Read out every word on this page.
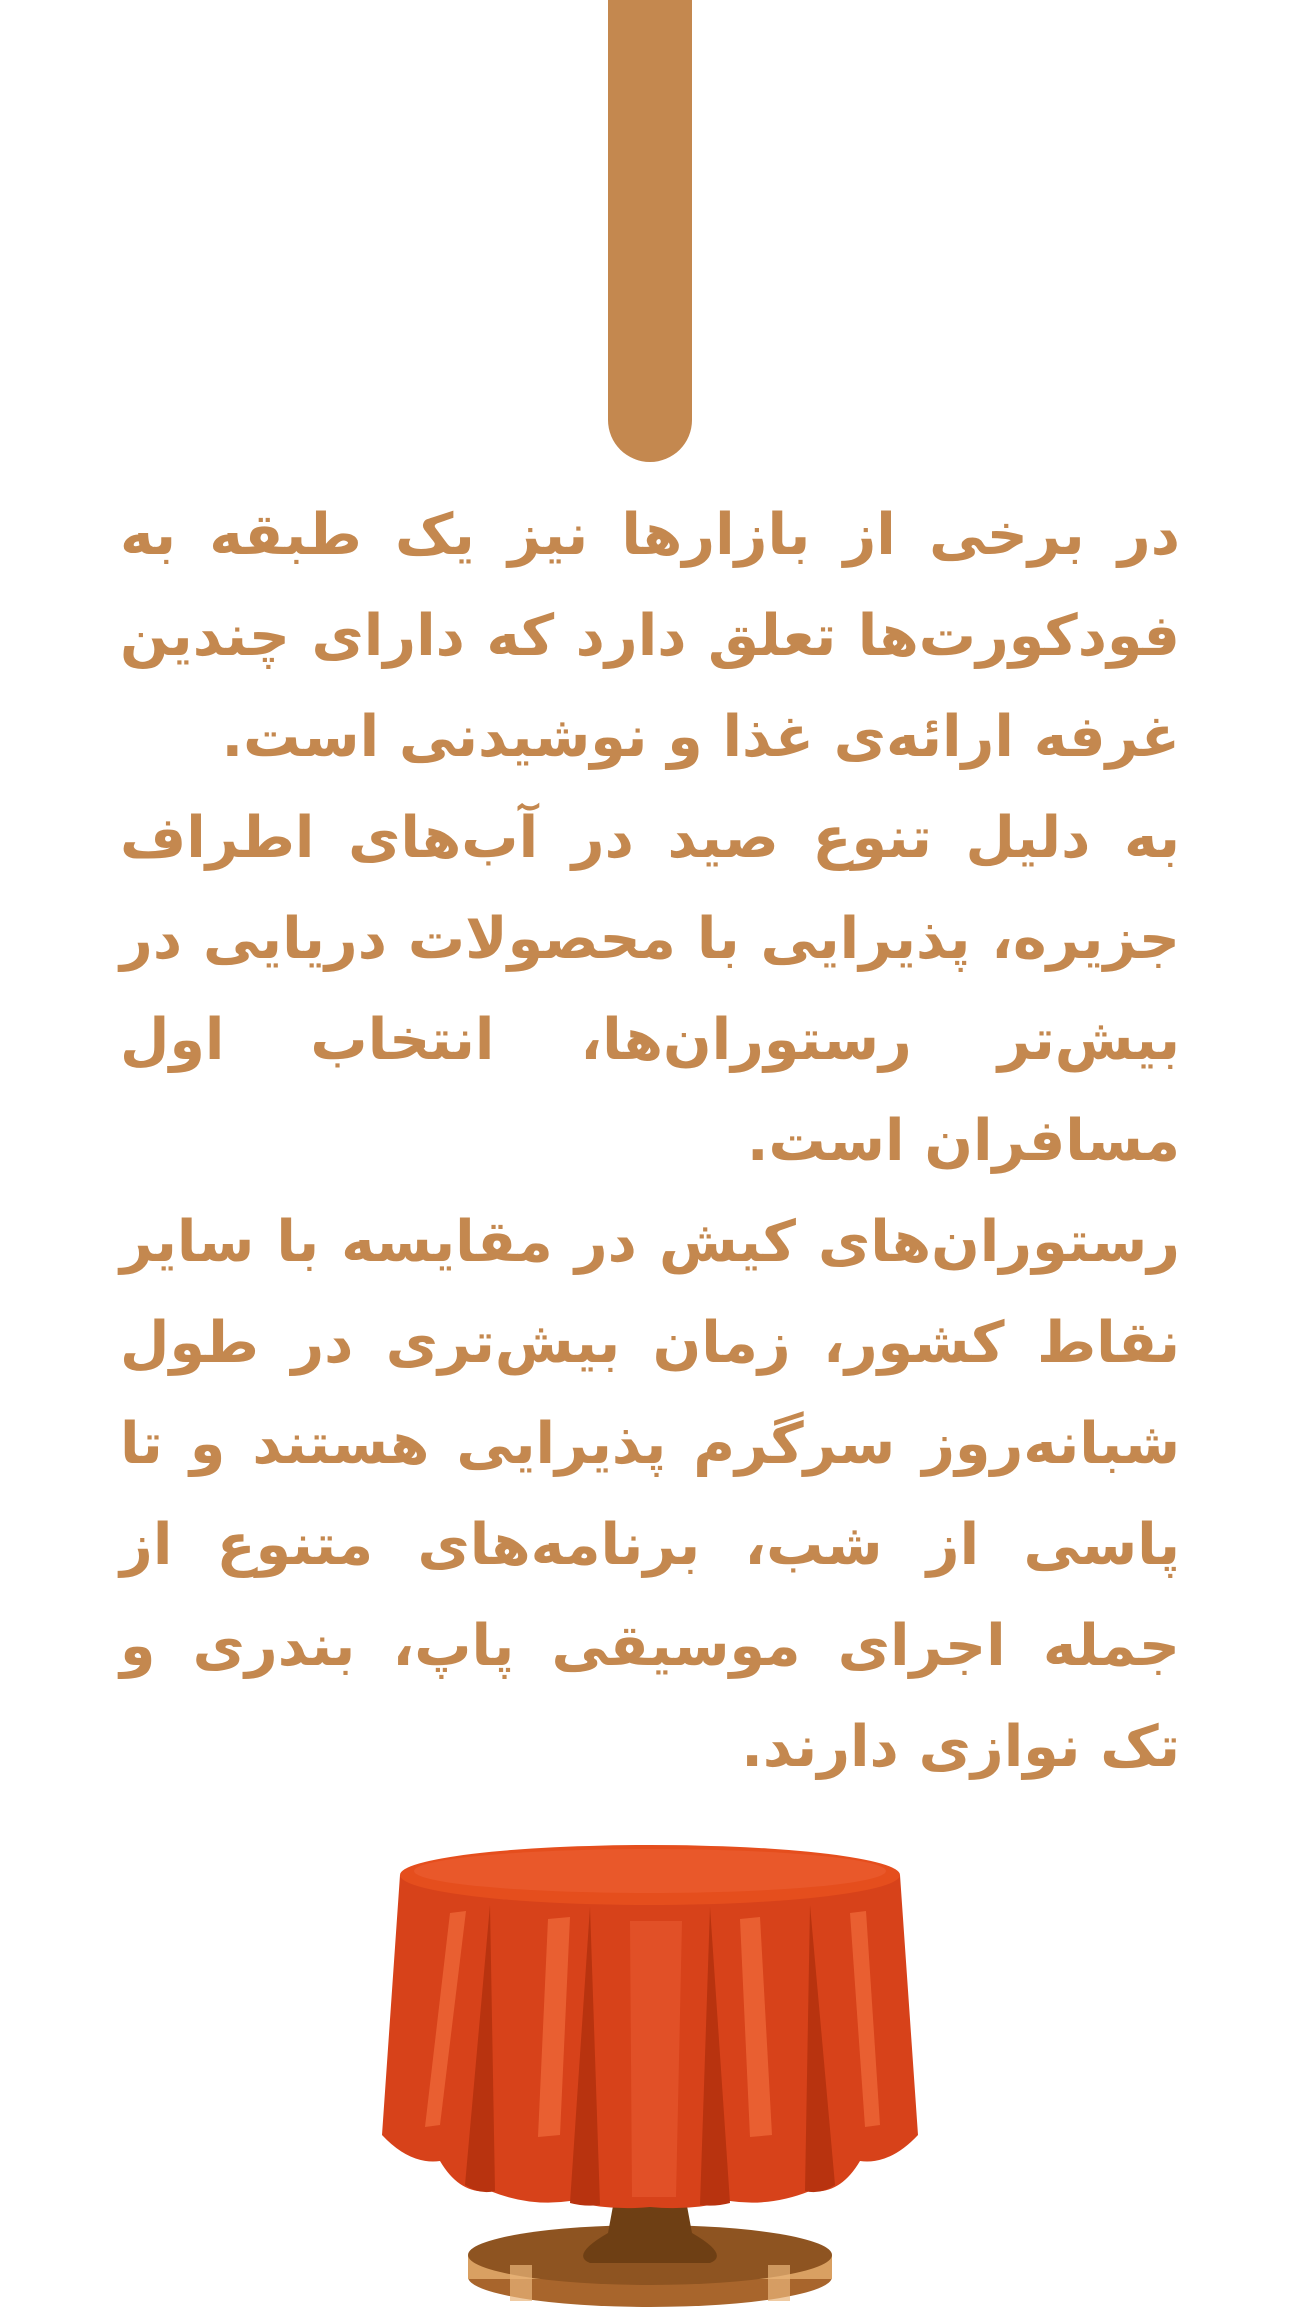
در برخی از بازارها نیز یک طبقه به فودکورت‌ها تعلق دارد که دارای چندین غرفه ارائه‌ی غذا و نوشیدنی است.

به دلیل تنوع صید در آب‌های اطراف جزیره، پذیرایی با محصولات دریایی در بیش‌تر رستوران‌ها، انتخاب اول مسافران است.

رستوران‌های کیش در مقایسه با سایر نقاط کشور، زمان بیش‌تری در طول شبانه‌روز سرگرم پذیرایی هستند و تا پاسی از شب، برنامه‌های متنوع از جمله اجرای موسیقی پاپ، بندری و تک نوازی دارند.
